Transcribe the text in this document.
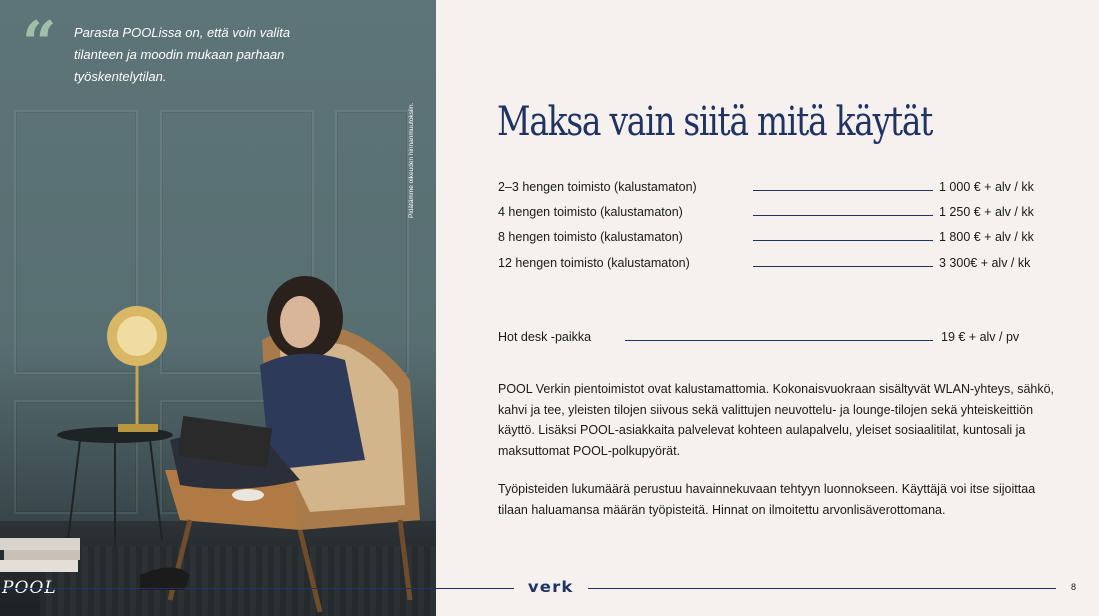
“ Parasta POOLissa on, että voin valita tilanteen ja moodin mukaan parhaan työskentelytilan.
Pidätämme oikeuden hinnanmuutoksiin.
POOL
Maksa vain siitä mitä käytät
2–3 hengen toimisto (kalustamaton)	1 000 € + alv / kk
4 hengen toimisto (kalustamaton)	1 250 € + alv / kk
8 hengen toimisto (kalustamaton)	1 800 € + alv / kk
12 hengen toimisto (kalustamaton)	3 300€ + alv / kk
Hot desk -paikka	19 € + alv / pv
POOL Verkin pientoimistot ovat kalustamattomia. Kokonaisvuokraan sisältyvät WLAN-yhteys, sähkö, kahvi ja tee, yleisten tilojen siivous sekä valittujen neuvottelu- ja lounge-tilojen sekä yhteiskeittiön käyttö. Lisäksi POOL-asiakkaita palvelevat kohteen aulapalvelu, yleiset sosiaalitilat, kuntosali ja maksuttomat POOL-polkupyörät.
Työpisteiden lukumäärä perustuu havainnekuvaan tehtyyn luonnokseen. Käyttäjä voi itse sijoittaa tilaan haluamansa määrän työpisteitä. Hinnat on ilmoitettu arvonlisäverottomana.
verk	8
